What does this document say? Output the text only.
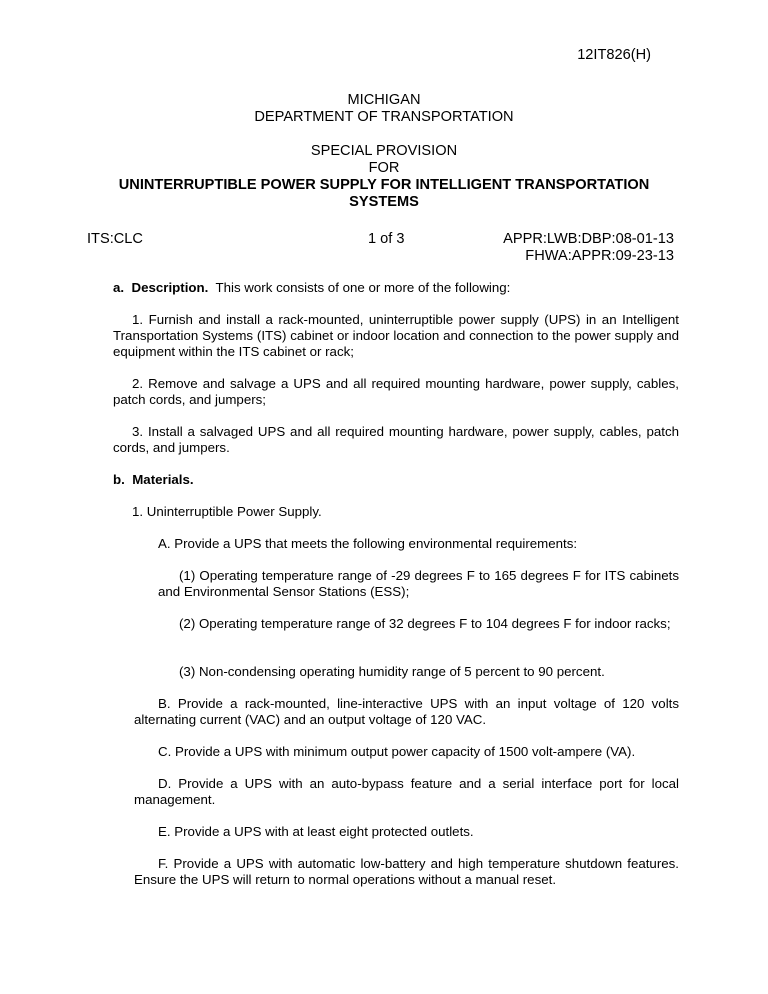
12IT826(H)
MICHIGAN
DEPARTMENT OF TRANSPORTATION
SPECIAL PROVISION
FOR
UNINTERRUPTIBLE POWER SUPPLY FOR INTELLIGENT TRANSPORTATION
SYSTEMS
ITS:CLC	1 of 3	APPR:LWB:DBP:08-01-13
FHWA:APPR:09-23-13
a. Description. This work consists of one or more of the following:
1. Furnish and install a rack-mounted, uninterruptible power supply (UPS) in an Intelligent Transportation Systems (ITS) cabinet or indoor location and connection to the power supply and equipment within the ITS cabinet or rack;
2. Remove and salvage a UPS and all required mounting hardware, power supply, cables, patch cords, and jumpers;
3. Install a salvaged UPS and all required mounting hardware, power supply, cables, patch cords, and jumpers.
b. Materials.
1. Uninterruptible Power Supply.
A. Provide a UPS that meets the following environmental requirements:
(1) Operating temperature range of -29 degrees F to 165 degrees F for ITS cabinets and Environmental Sensor Stations (ESS);
(2) Operating temperature range of 32 degrees F to 104 degrees F for indoor racks;
(3) Non-condensing operating humidity range of 5 percent to 90 percent.
B. Provide a rack-mounted, line-interactive UPS with an input voltage of 120 volts alternating current (VAC) and an output voltage of 120 VAC.
C. Provide a UPS with minimum output power capacity of 1500 volt-ampere (VA).
D. Provide a UPS with an auto-bypass feature and a serial interface port for local management.
E. Provide a UPS with at least eight protected outlets.
F. Provide a UPS with automatic low-battery and high temperature shutdown features. Ensure the UPS will return to normal operations without a manual reset.
